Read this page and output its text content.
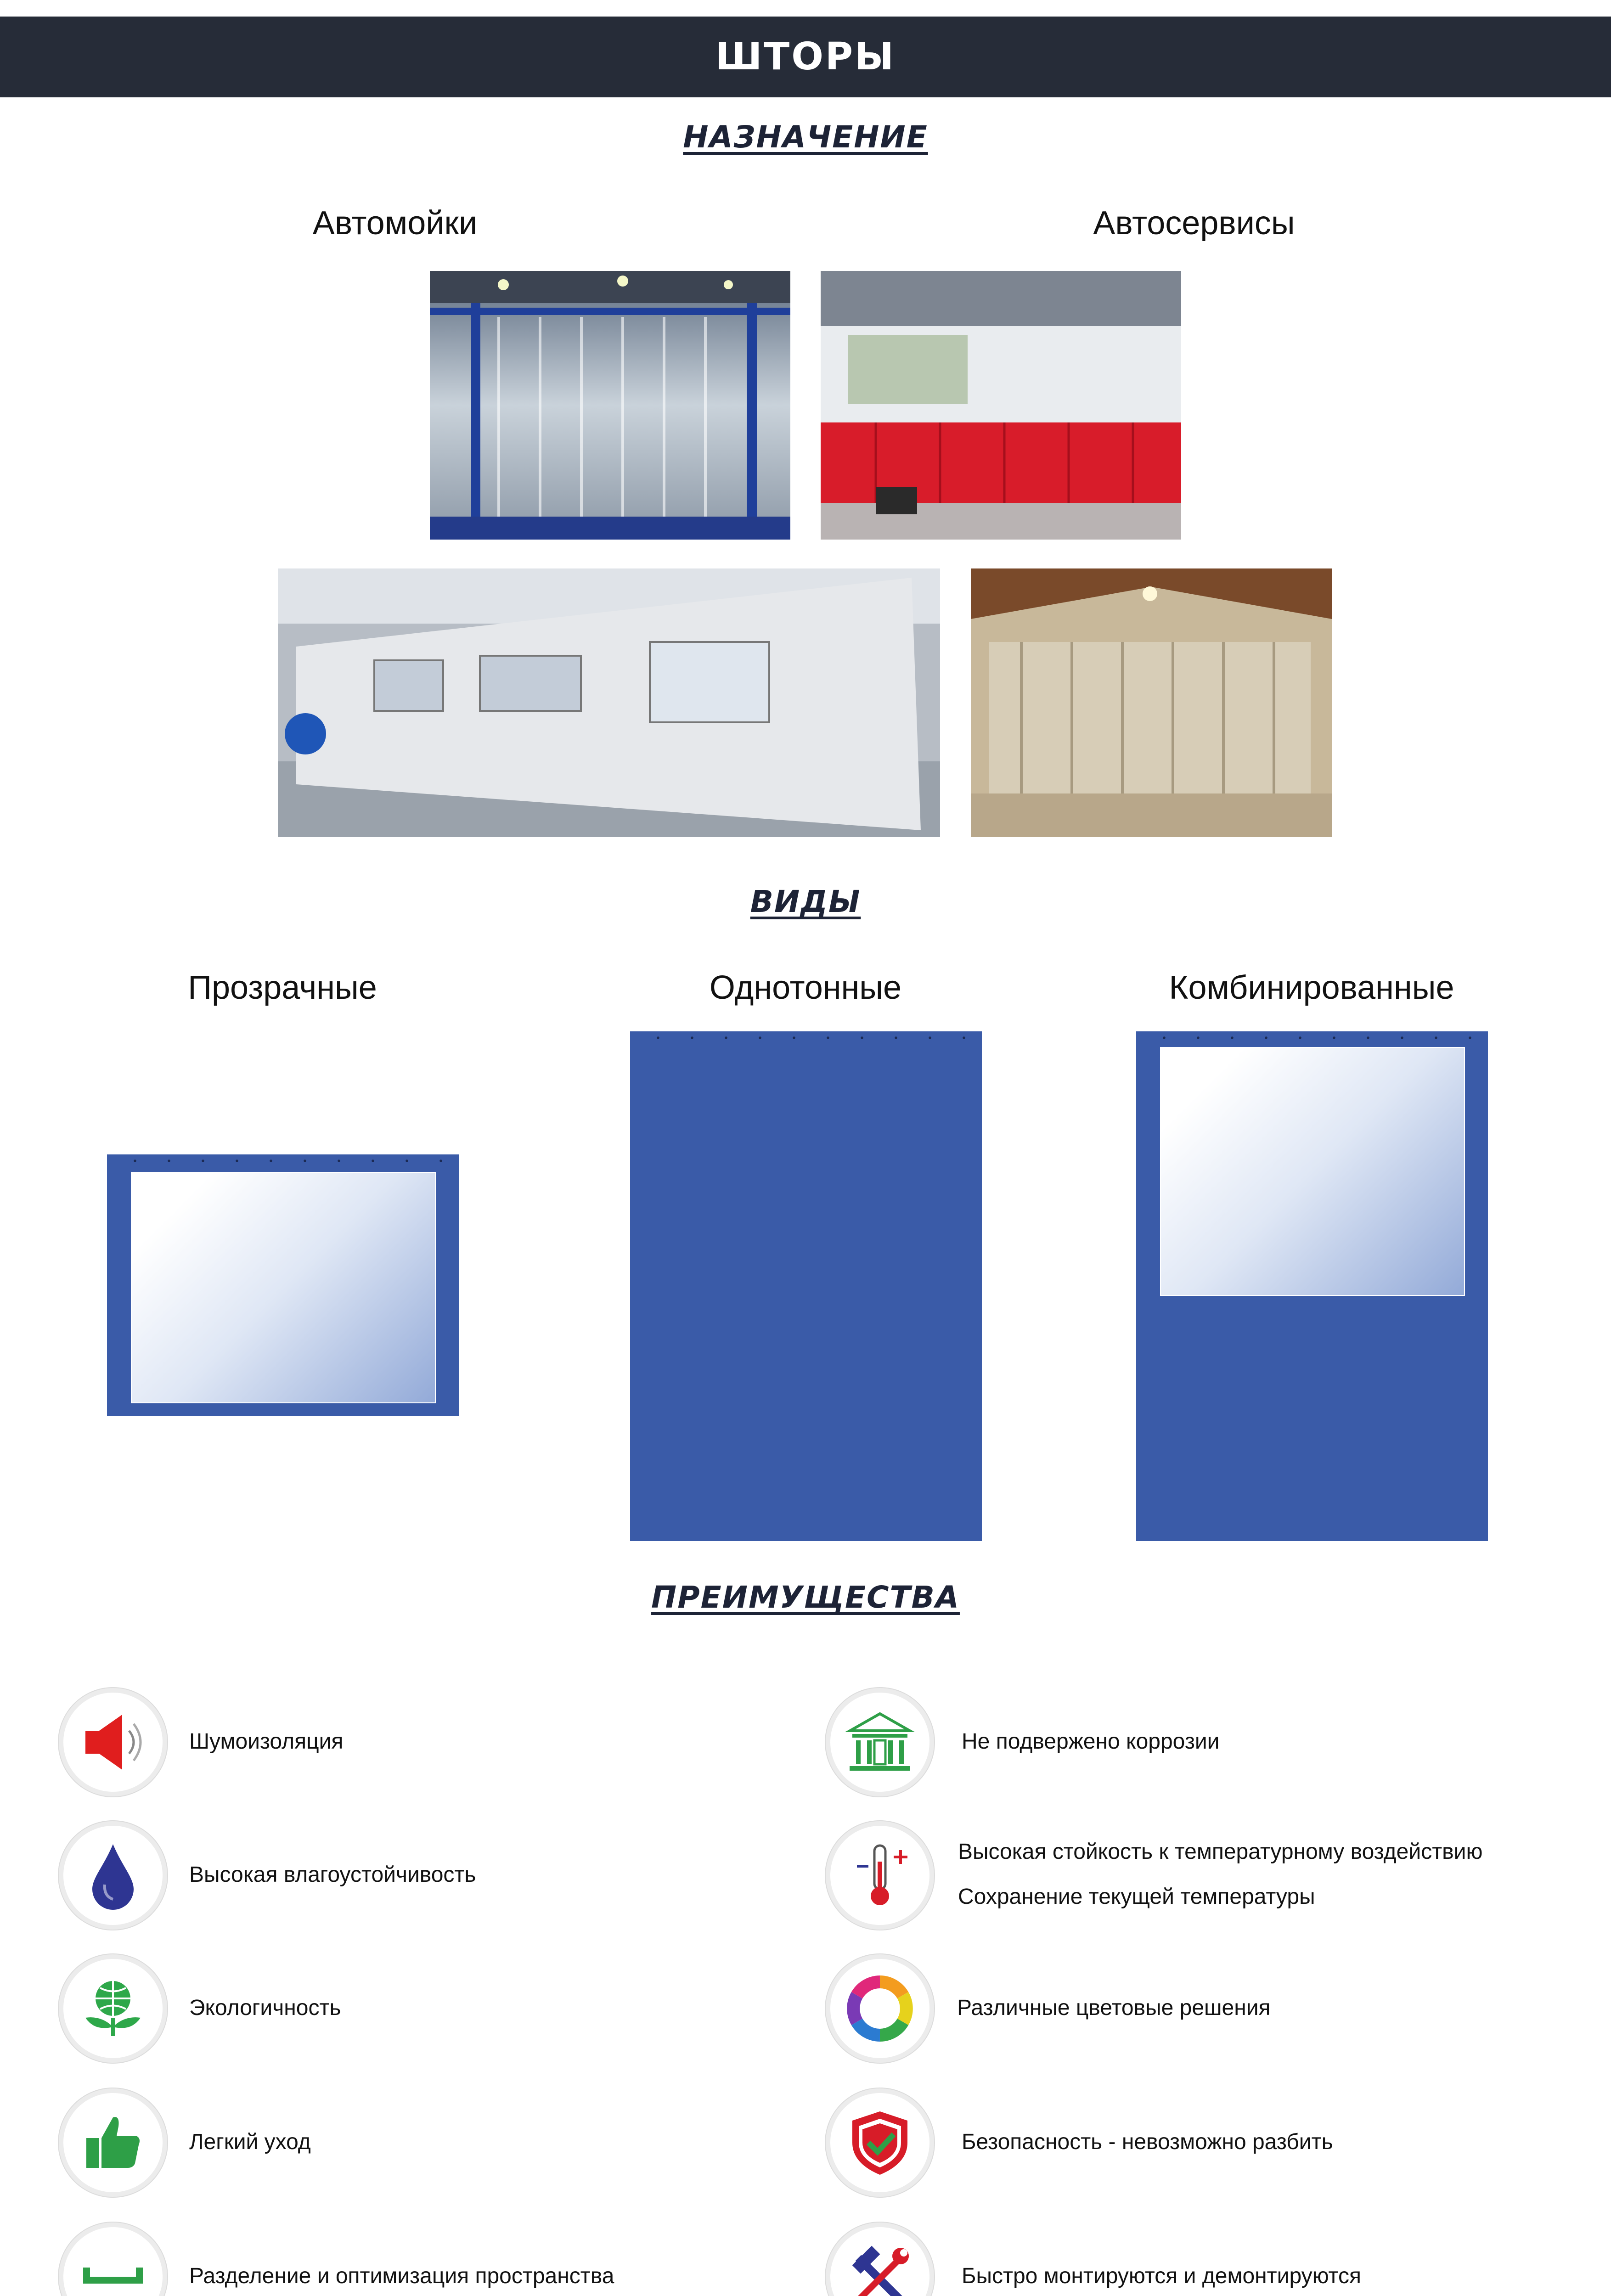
ШТОРЫ
НАЗНАЧЕНИЕ
Автомойки	Автосервисы
ВИДЫ
Прозрачные	Однотонные	Комбинированные
ПРЕИМУЩЕСТВА
Шумоизоляция
Высокая влагоустойчивость
Экологичность
Легкий уход
Разделение и оптимизация пространства
Не подвержено коррозии
Высокая стойкость к температурному воздействию
Сохранение текущей температуры
Различные цветовые решения
Безопасность - невозможно разбить
Быстро монтируются и демонтируются
